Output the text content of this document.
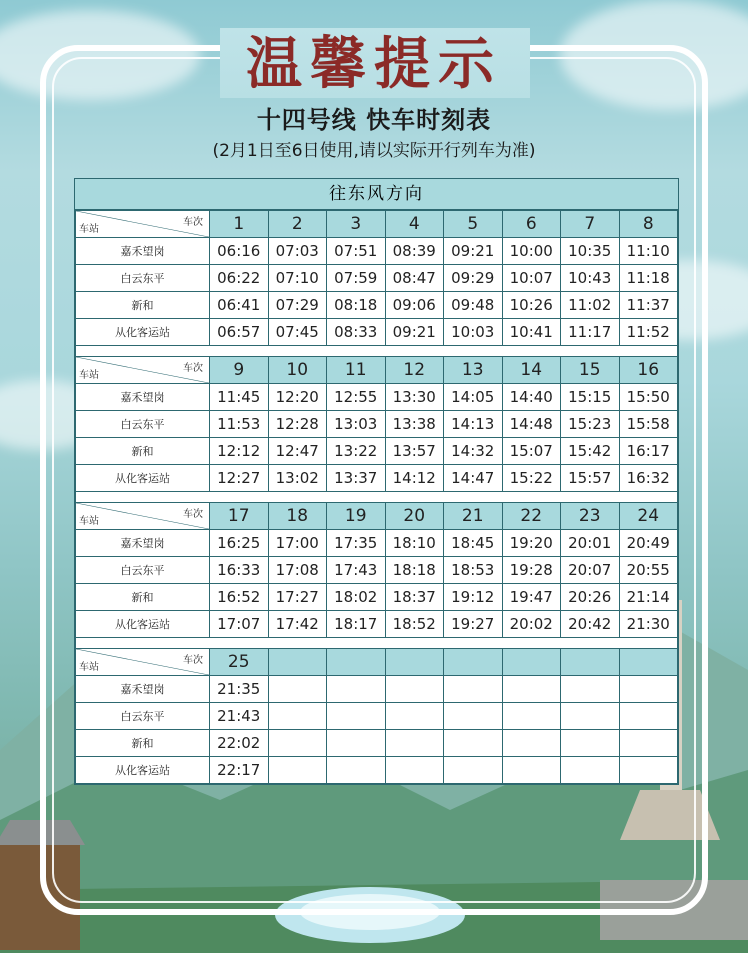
温馨提示
十四号线 快车时刻表
(2月1日至6日使用,请以实际开行列车为准)
往东风方向
车次
车站	1	2	3	4	5	6	7	8
嘉禾望岗	06:16	07:03	07:51	08:39	09:21	10:00	10:35	11:10
白云东平	06:22	07:10	07:59	08:47	09:29	10:07	10:43	11:18
新和	06:41	07:29	08:18	09:06	09:48	10:26	11:02	11:37
从化客运站	06:57	07:45	08:33	09:21	10:03	10:41	11:17	11:52

车次
车站	9	10	11	12	13	14	15	16
嘉禾望岗	11:45	12:20	12:55	13:30	14:05	14:40	15:15	15:50
白云东平	11:53	12:28	13:03	13:38	14:13	14:48	15:23	15:58
新和	12:12	12:47	13:22	13:57	14:32	15:07	15:42	16:17
从化客运站	12:27	13:02	13:37	14:12	14:47	15:22	15:57	16:32

车次
车站	17	18	19	20	21	22	23	24
嘉禾望岗	16:25	17:00	17:35	18:10	18:45	19:20	20:01	20:49
白云东平	16:33	17:08	17:43	18:18	18:53	19:28	20:07	20:55
新和	16:52	17:27	18:02	18:37	19:12	19:47	20:26	21:14
从化客运站	17:07	17:42	18:17	18:52	19:27	20:02	20:42	21:30

车次
车站	25							
嘉禾望岗	21:35							
白云东平	21:43							
新和	22:02							
从化客运站	22:17							
